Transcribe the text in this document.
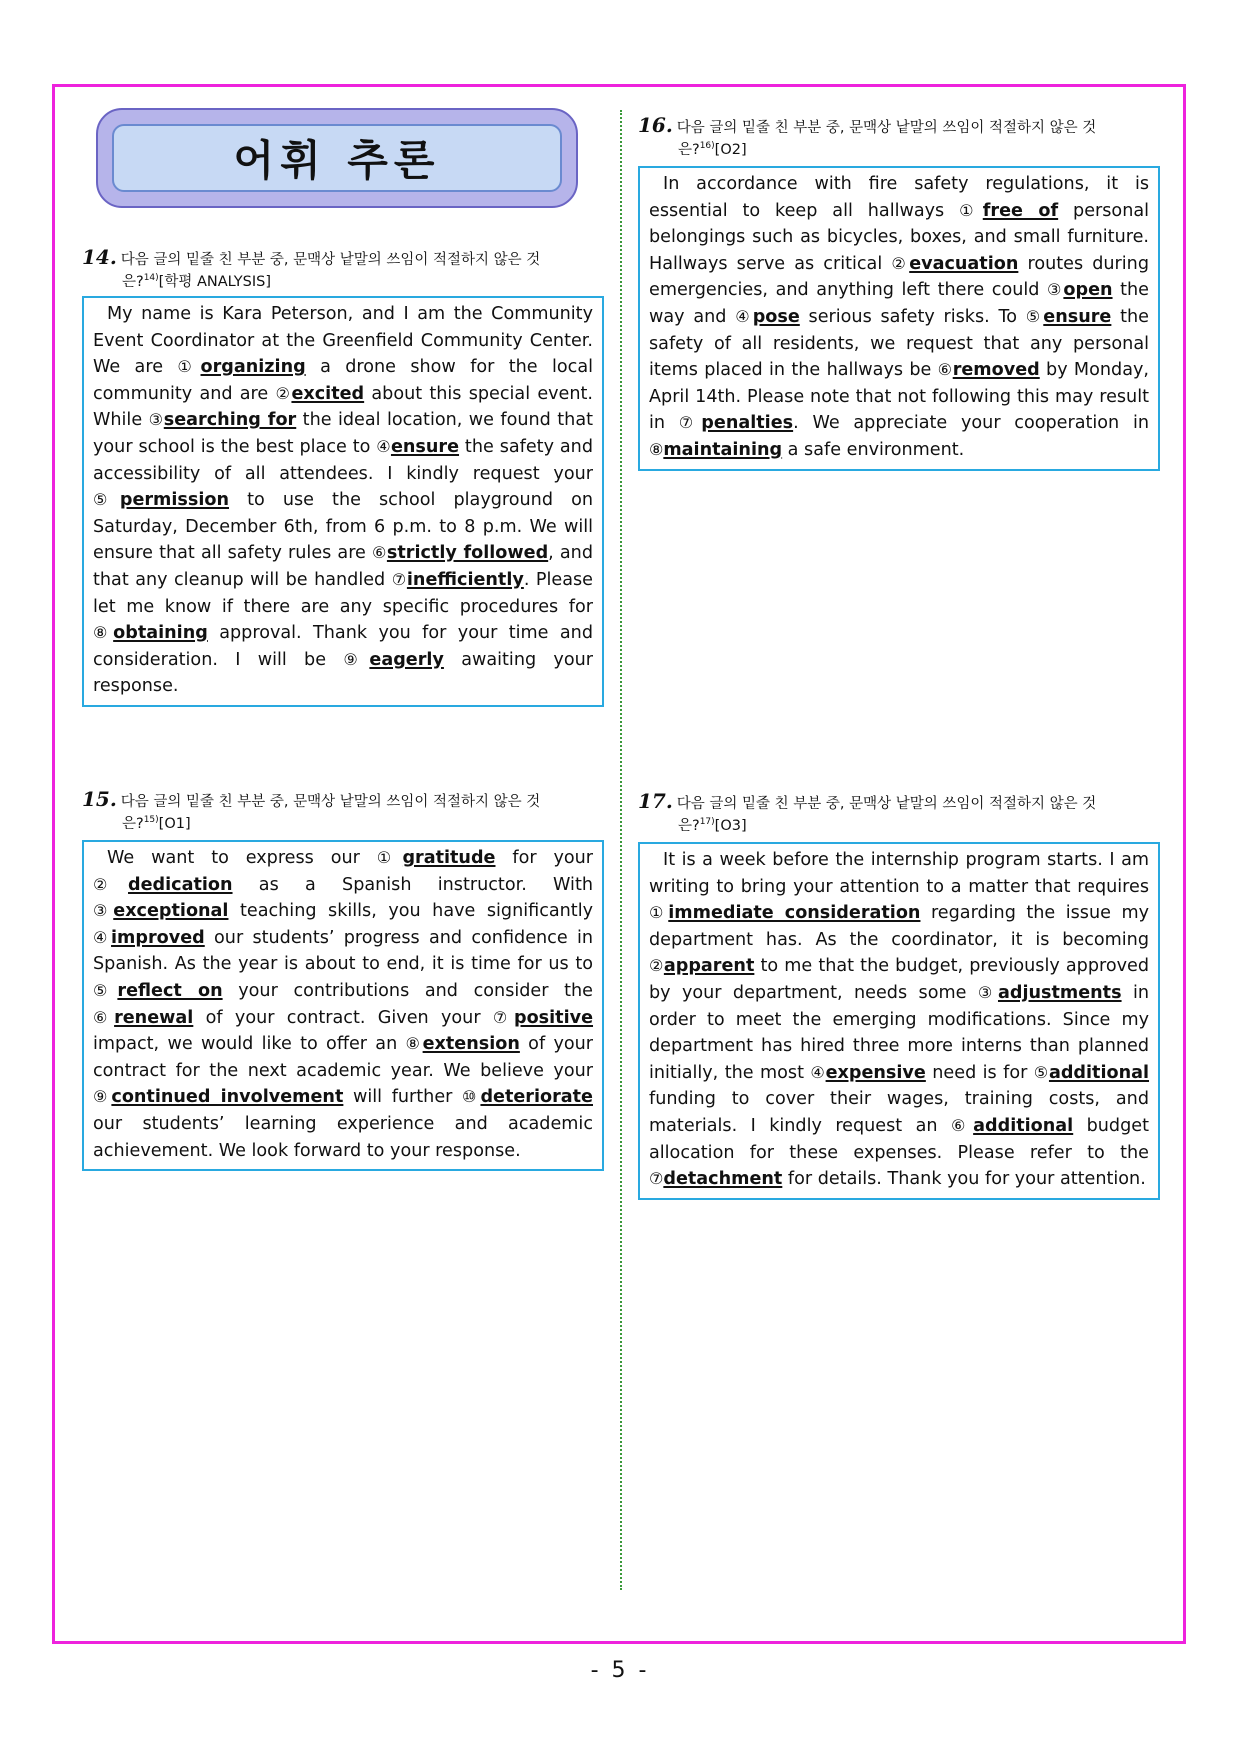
어휘 추론
14. 다음 글의 밑줄 친 부분 중, 문맥상 낱말의 쓰임이 적절하지 않은 것
은?$^{14)}$[학평 ANALYSIS]
My name is Kara Peterson, and I am the Community Event Coordinator at the Greenfield Community Center. We are ①organizing a drone show for the local community and are ②excited about this special event. While ③searching for the ideal location, we found that your school is the best place to ④ensure the safety and accessibility of all attendees. I kindly request your ⑤permission to use the school playground on Saturday, December 6th, from 6 p.m. to 8 p.m. We will ensure that all safety rules are ⑥strictly followed, and that any cleanup will be handled ⑦inefficiently. Please let me know if there are any specific procedures for ⑧obtaining approval. Thank you for your time and consideration. I will be ⑨eagerly awaiting your response.
15. 다음 글의 밑줄 친 부분 중, 문맥상 낱말의 쓰임이 적절하지 않은 것
은?$^{15)}$[O1]
We want to express our ①gratitude for your ②dedication as a Spanish instructor. With ③exceptional teaching skills, you have significantly ④improved our students’ progress and confidence in Spanish. As the year is about to end, it is time for us to ⑤reflect on your contributions and consider the ⑥renewal of your contract. Given your ⑦positive impact, we would like to offer an ⑧extension of your contract for the next academic year. We believe your ⑨continued involvement will further ⑩deteriorate our students’ learning experience and academic achievement. We look forward to your response.
16. 다음 글의 밑줄 친 부분 중, 문맥상 낱말의 쓰임이 적절하지 않은 것
은?$^{16)}$[O2]
In accordance with fire safety regulations, it is essential to keep all hallways ①free of personal belongings such as bicycles, boxes, and small furniture. Hallways serve as critical ②evacuation routes during emergencies, and anything left there could ③open the way and ④pose serious safety risks. To ⑤ensure the safety of all residents, we request that any personal items placed in the hallways be ⑥removed by Monday, April 14th. Please note that not following this may result in ⑦penalties. We appreciate your cooperation in ⑧maintaining a safe environment.
17. 다음 글의 밑줄 친 부분 중, 문맥상 낱말의 쓰임이 적절하지 않은 것
은?$^{17)}$[O3]
It is a week before the internship program starts. I am writing to bring your attention to a matter that requires ①immediate consideration regarding the issue my department has. As the coordinator, it is becoming ②apparent to me that the budget, previously approved by your department, needs some ③adjustments in order to meet the emerging modifications. Since my department has hired three more interns than planned initially, the most ④expensive need is for ⑤additional funding to cover their wages, training costs, and materials. I kindly request an ⑥additional budget allocation for these expenses. Please refer to the ⑦detachment for details. Thank you for your attention.
- 5 -
